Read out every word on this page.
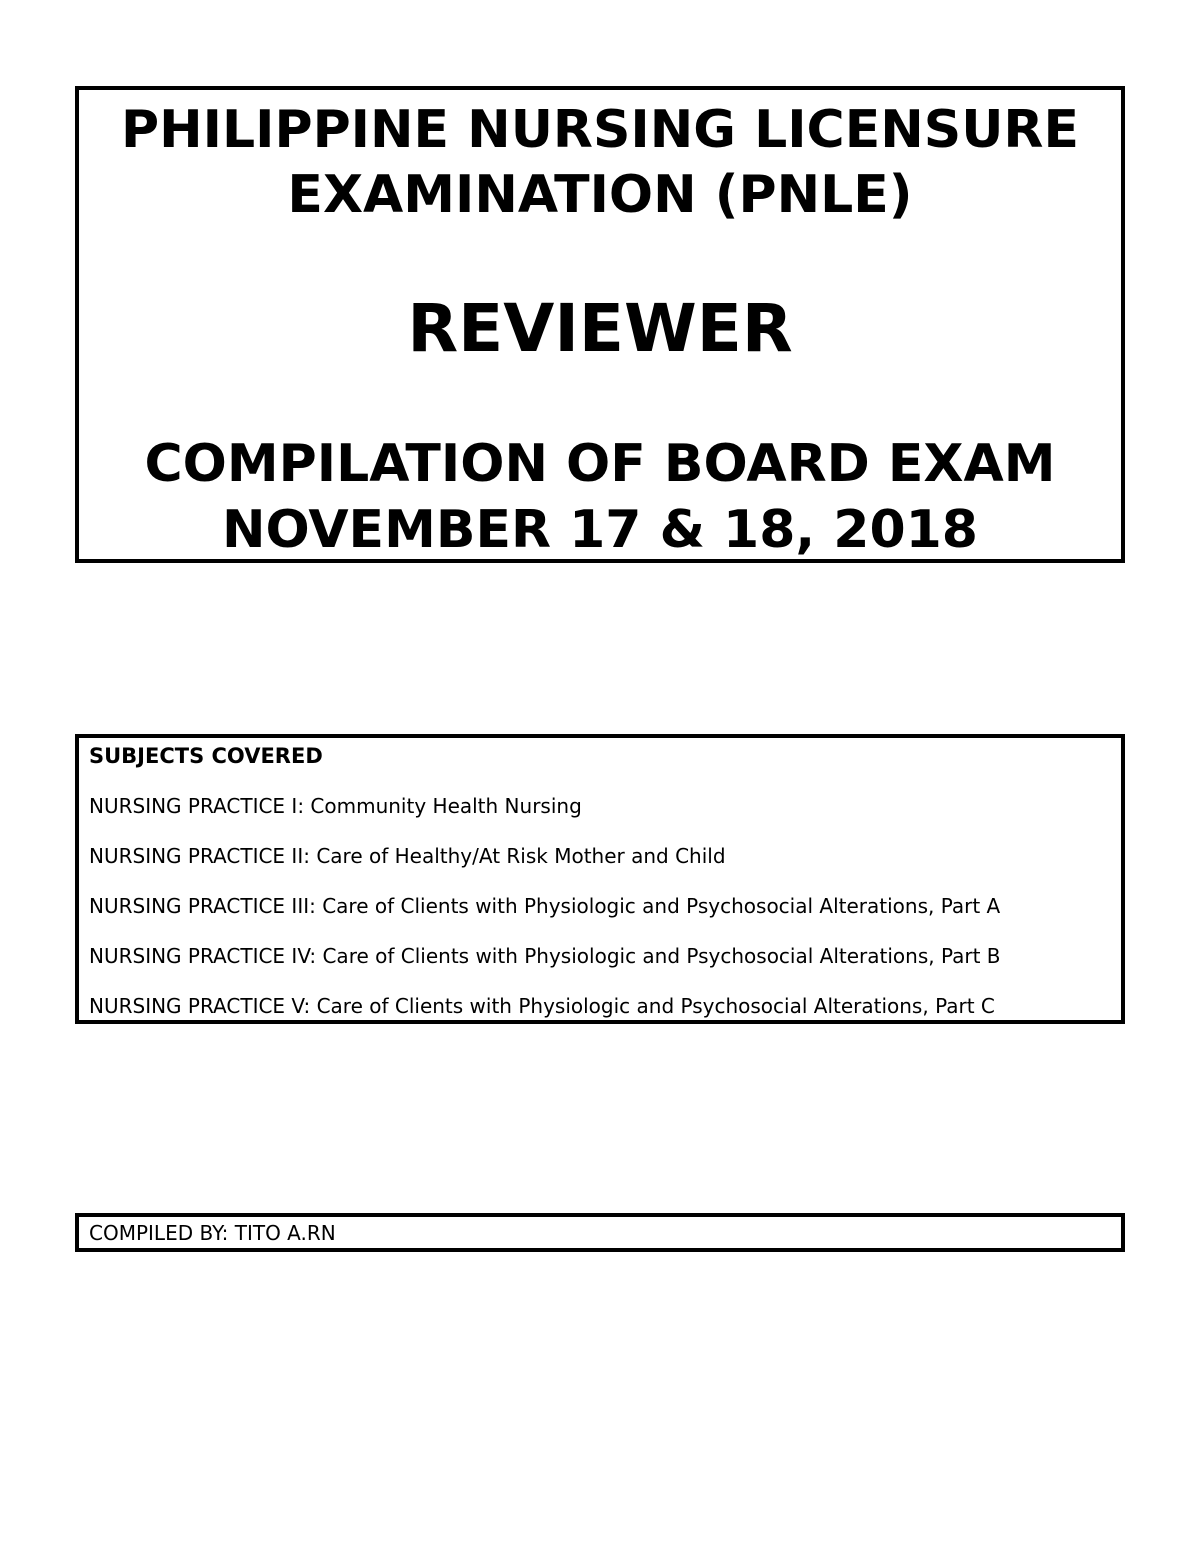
PHILIPPINE NURSING LICENSURE
EXAMINATION (PNLE)
REVIEWER
COMPILATION OF BOARD EXAM
NOVEMBER 17 & 18, 2018
SUBJECTS COVERED
NURSING PRACTICE I: Community Health Nursing
NURSING PRACTICE II: Care of Healthy/At Risk Mother and Child
NURSING PRACTICE III: Care of Clients with Physiologic and Psychosocial Alterations, Part A
NURSING PRACTICE IV: Care of Clients with Physiologic and Psychosocial Alterations, Part B
NURSING PRACTICE V: Care of Clients with Physiologic and Psychosocial Alterations, Part C
COMPILED BY: TITO A.RN
